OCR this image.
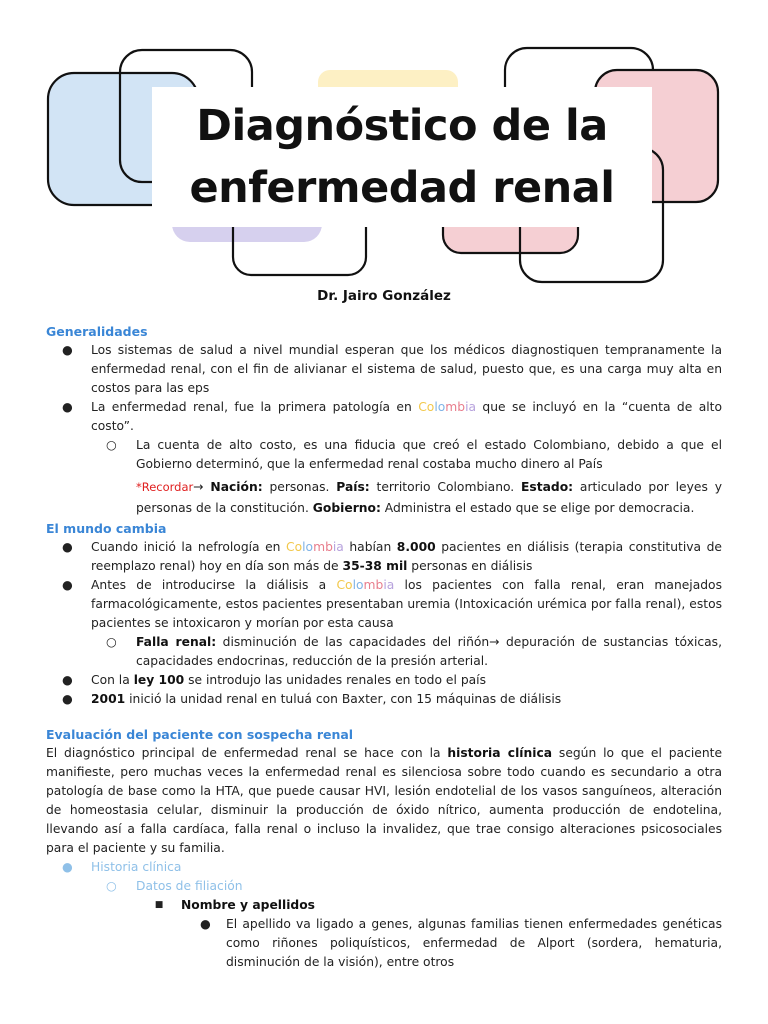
Diagnóstico de la
enfermedad renal
Dr. Jairo González
Generalidades
● Los sistemas de salud a nivel mundial esperan que los médicos diagnostiquen tempranamente la enfermedad renal, con el fin de alivianar el sistema de salud, puesto que, es una carga muy alta en costos para las eps
● La enfermedad renal, fue la primera patología en Colombia que se incluyó en la “cuenta de alto costo”.
○ La cuenta de alto costo, es una fiducia que creó el estado Colombiano, debido a que el Gobierno determinó, que la enfermedad renal costaba mucho dinero al País
*Recordar→ Nación: personas. País: territorio Colombiano. Estado: articulado por leyes y personas de la constitución. Gobierno: Administra el estado que se elige por democracia.
El mundo cambia
● Cuando inició la nefrología en Colombia habían 8.000 pacientes en diálisis (terapia constitutiva de reemplazo renal) hoy en día son más de 35-38 mil personas en diálisis
● Antes de introducirse la diálisis a Colombia los pacientes con falla renal, eran manejados farmacológicamente, estos pacientes presentaban uremia (Intoxicación urémica por falla renal), estos pacientes se intoxicaron y morían por esta causa
○ Falla renal: disminución de las capacidades del riñón→ depuración de sustancias tóxicas, capacidades endocrinas, reducción de la presión arterial.
● Con la ley 100 se introdujo las unidades renales en todo el país
● 2001 inició la unidad renal en tuluá con Baxter, con 15 máquinas de diálisis
Evaluación del paciente con sospecha renal
El diagnóstico principal de enfermedad renal se hace con la historia clínica según lo que el paciente manifieste, pero muchas veces la enfermedad renal es silenciosa sobre todo cuando es secundario a otra patología de base como la HTA, que puede causar HVI, lesión endotelial de los vasos sanguíneos, alteración de homeostasia celular, disminuir la producción de óxido nítrico, aumenta producción de endotelina, llevando así a falla cardíaca, falla renal o incluso la invalidez, que trae consigo alteraciones psicosociales para el paciente y su familia.
● Historia clínica
○ Datos de filiación
■ Nombre y apellidos
● El apellido va ligado a genes, algunas familias tienen enfermedades genéticas como riñones poliquísticos, enfermedad de Alport (sordera, hematuria, disminución de la visión), entre otros
